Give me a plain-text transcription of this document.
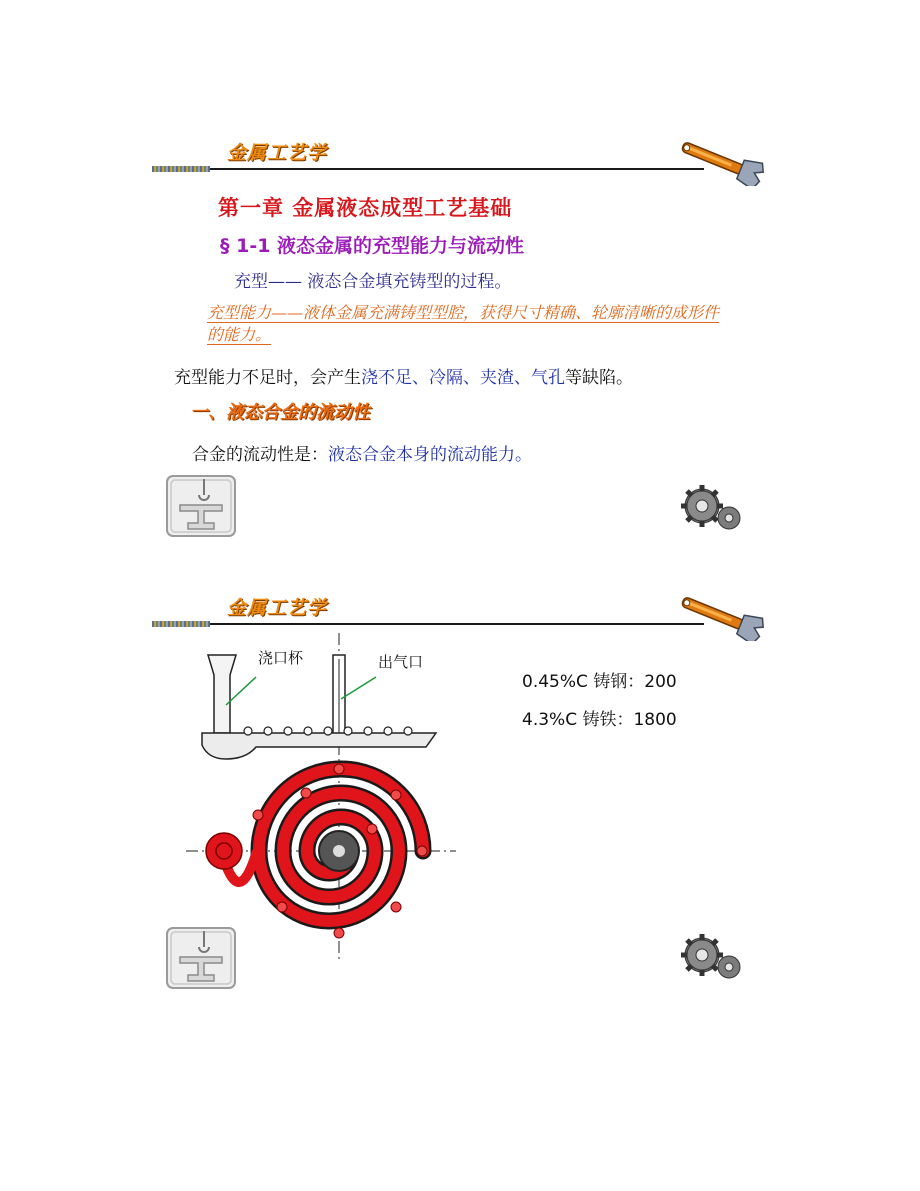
金属工艺学
第一章 金属液态成型工艺基础
§ 1-1 液态金属的充型能力与流动性
充型—— 液态合金填充铸型的过程。
充型能力——液体金属充满铸型型腔，获得尺寸精确、轮廓清晰的成形件的能力。
充型能力不足时，会产生浇不足、冷隔、夹渣、气孔等缺陷。
一、液态合金的流动性
合金的流动性是：液态合金本身的流动能力。
金属工艺学
浇口杯	出气口
0.45%C 铸钢：200
4.3%C 铸铁：1800
